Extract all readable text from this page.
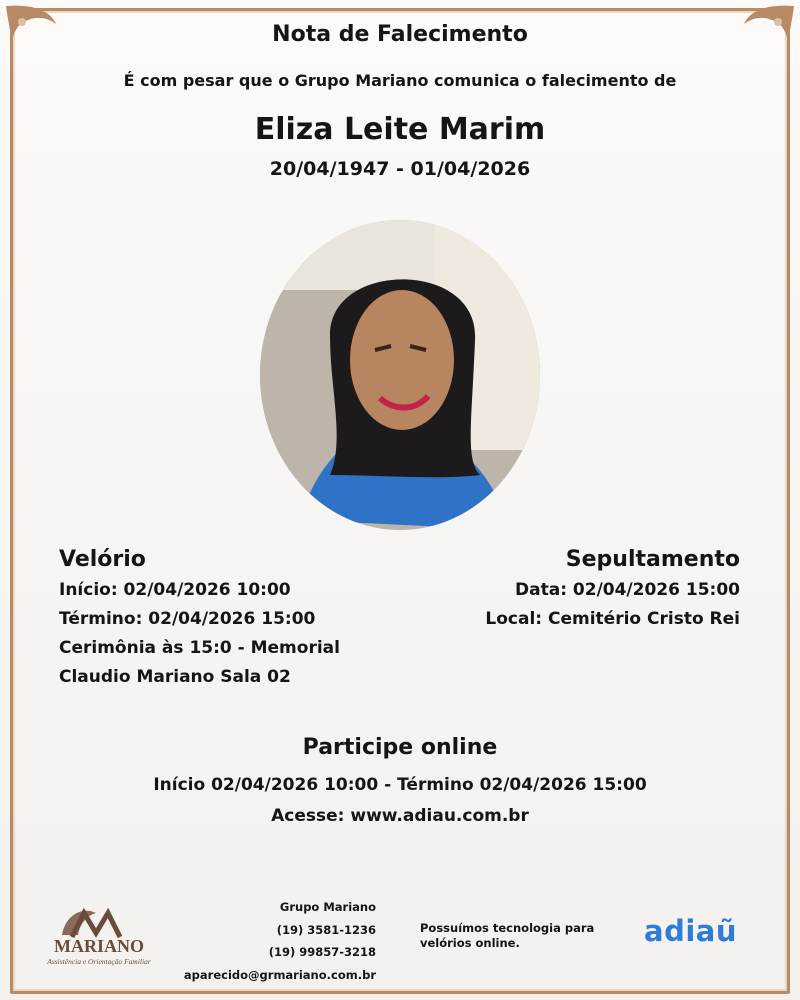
Nota de Falecimento
É com pesar que o Grupo Mariano comunica o falecimento de
Eliza Leite Marim
20/04/1947 - 01/04/2026
Velório
Início: 02/04/2026 10:00
Término: 02/04/2026 15:00
Cerimônia às 15:0 - Memorial
Claudio Mariano Sala 02
Sepultamento
Data: 02/04/2026 15:00
Local: Cemitério Cristo Rei
Participe online
Início 02/04/2026 10:00 - Término 02/04/2026 15:00
Acesse: www.adiau.com.br
MARIANO
Assistência e Orientação Familiar
Grupo Mariano
(19) 3581-1236
(19) 99857-3218
aparecido@grmariano.com.br
Possuímos tecnologia para velórios online.	adiaũ
